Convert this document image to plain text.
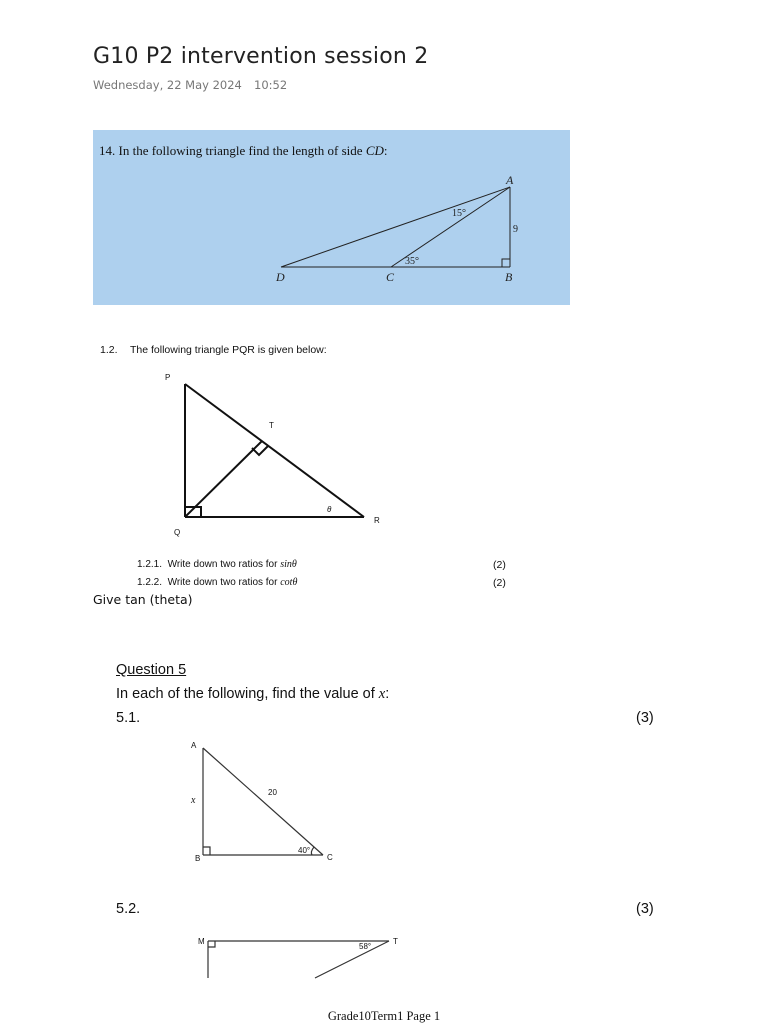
G10 P2 intervention session 2
Wednesday, 22 May 2024 10:52
14. In the following triangle find the length of side CD:
A
B
C
D
15°
35°
9
1.2. The following triangle PQR is given below:
P
T
Q
R
θ
1.2.1. Write down two ratios for sinθ	(2)
1.2.2. Write down two ratios for cotθ	(2)
Give tan (theta)
Question 5
In each of the following, find the value of x:
5.1.	(3)
A
B	C
20
40°
x
5.2.	(3)
M	T
58°
Grade10Term1 Page 1
